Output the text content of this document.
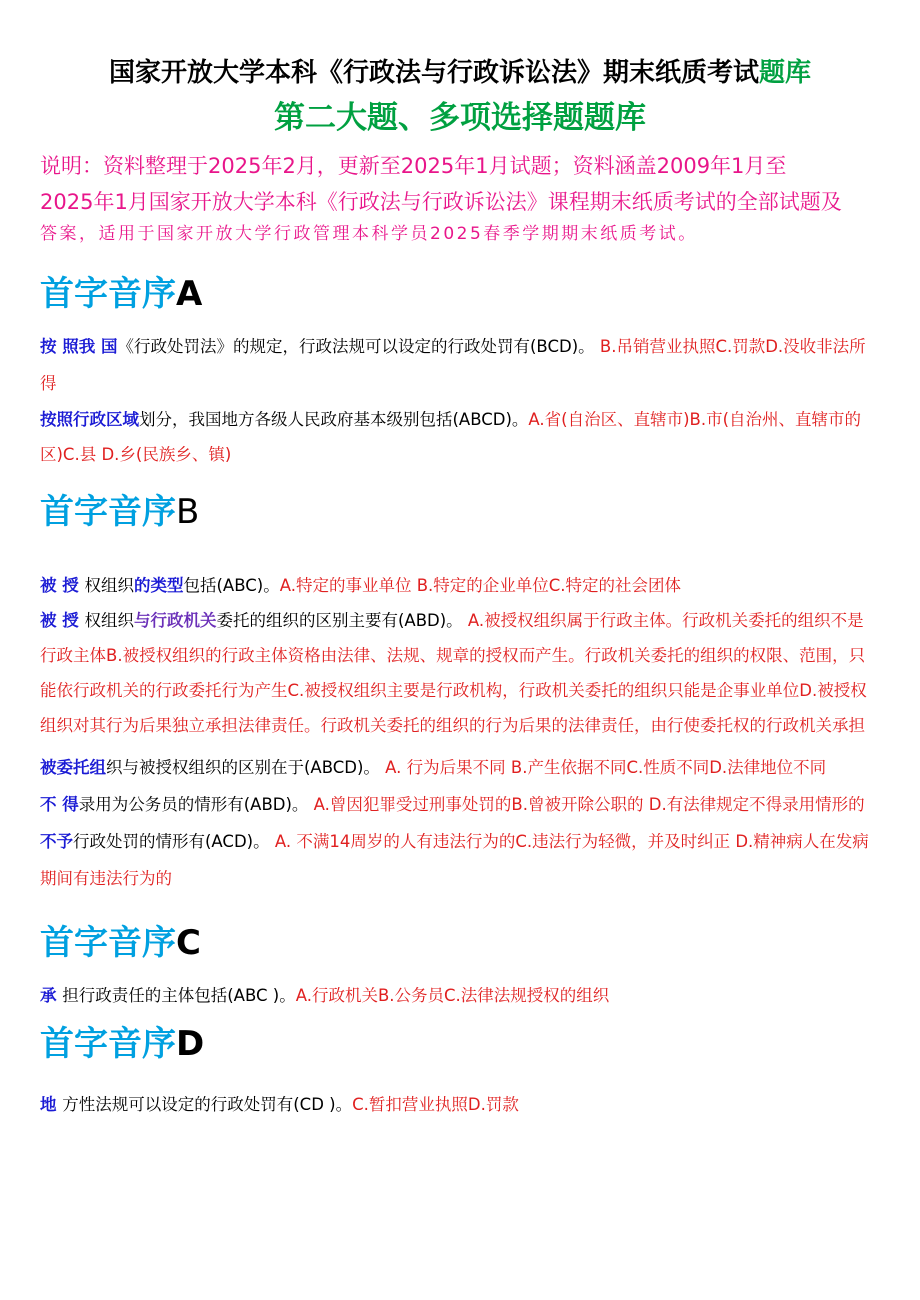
国家开放大学本科《行政法与行政诉讼法》期末纸质考试题库
第二大题、多项选择题题库
说明：资料整理于2025年2月，更新至2025年1月试题；资料涵盖2009年1月至
2025年1月国家开放大学本科《行政法与行政诉讼法》课程期末纸质考试的全部试题及
答案，适用于国家开放大学行政管理本科学员2025春季学期期末纸质考试。
首字音序A
按 照我 国《行政处罚法》的规定，行政法规可以设定的行政处罚有(BCD)。 B.吊销营业执照C.罚款D.没收非法所得
按照行政区域划分，我国地方各级人民政府基本级别包括(ABCD)。A.省(自治区、直辖市)B.市(自治州、直辖市的区)C.县 D.乡(民族乡、镇)
首字音序B
被 授 权组织的类型包括(ABC)。A.特定的事业单位 B.特定的企业单位C.特定的社会团体
被 授 权组织与行政机关委托的组织的区别主要有(ABD)。 A.被授权组织属于行政主体。行政机关委托的组织不是行政主体B.被授权组织的行政主体资格由法律、法规、规章的授权而产生。行政机关委托的组织的权限、范围，只能依行政机关的行政委托行为产生C.被授权组织主要是行政机构，行政机关委托的组织只能是企事业单位D.被授权组织对其行为后果独立承担法律责任。行政机关委托的组织的行为后果的法律责任，由行使委托权的行政机关承担
被委托组织与被授权组织的区别在于(ABCD)。 A. 行为后果不同 B.产生依据不同C.性质不同D.法律地位不同
不 得录用为公务员的情形有(ABD)。 A.曾因犯罪受过刑事处罚的B.曾被开除公职的 D.有法律规定不得录用情形的
不予行政处罚的情形有(ACD)。 A. 不满14周岁的人有违法行为的C.违法行为轻微，并及时纠正 D.精神病人在发病期间有违法行为的
首字音序C
承 担行政责任的主体包括(ABC )。A.行政机关B.公务员C.法律法规授权的组织
首字音序D
地 方性法规可以设定的行政处罚有(CD )。C.暂扣营业执照D.罚款
